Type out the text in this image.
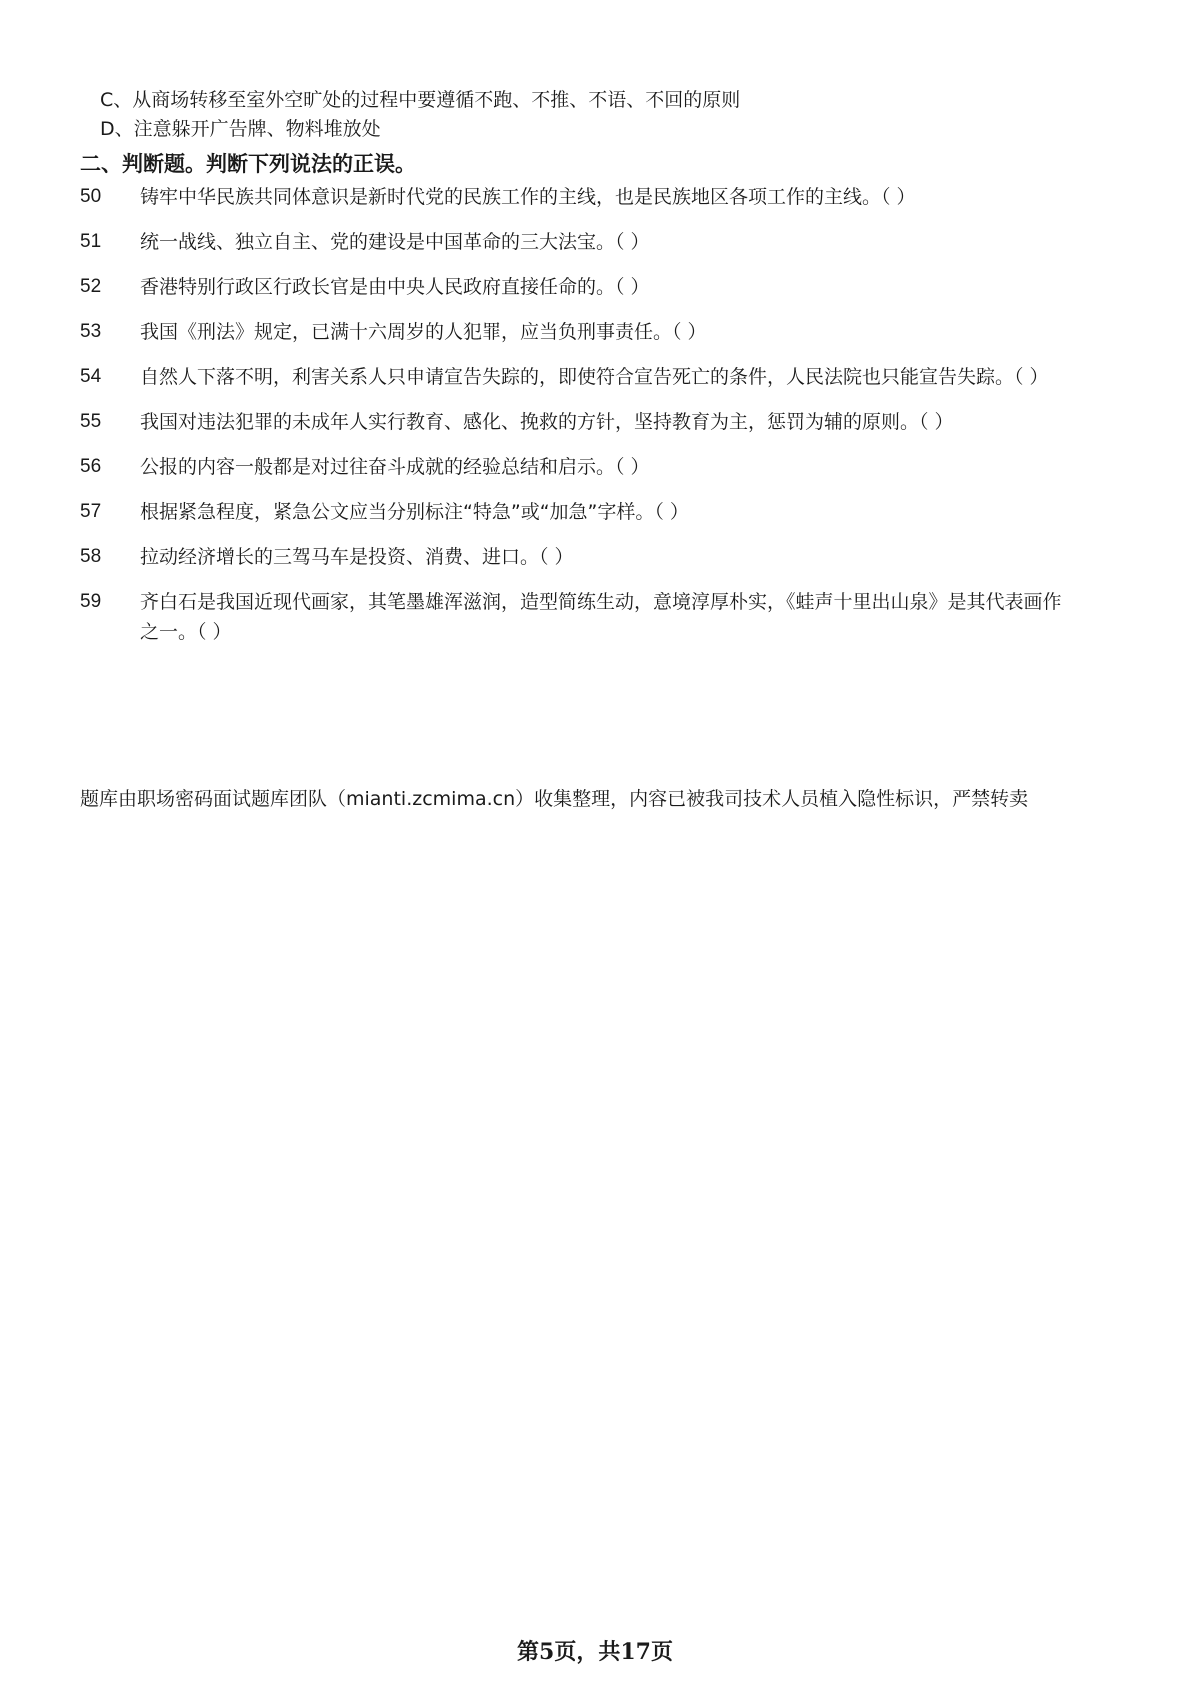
C、从商场转移至室外空旷处的过程中要遵循不跑、不推、不语、不回的原则
D、注意躲开广告牌、物料堆放处
二、判断题。判断下列说法的正误。
50	铸牢中华民族共同体意识是新时代党的民族工作的主线，也是民族地区各项工作的主线。（ ）
51	统一战线、独立自主、党的建设是中国革命的三大法宝。（ ）
52	香港特别行政区行政长官是由中央人民政府直接任命的。（ ）
53	我国《刑法》规定，已满十六周岁的人犯罪，应当负刑事责任。（ ）
54	自然人下落不明，利害关系人只申请宣告失踪的，即使符合宣告死亡的条件，人民法院也只能宣告失踪。（ ）
55	我国对违法犯罪的未成年人实行教育、感化、挽救的方针，坚持教育为主，惩罚为辅的原则。（ ）
56	公报的内容一般都是对过往奋斗成就的经验总结和启示。（ ）
57	根据紧急程度，紧急公文应当分别标注“特急”或“加急”字样。（ ）
58	拉动经济增长的三驾马车是投资、消费、进口。（ ）
59	齐白石是我国近现代画家，其笔墨雄浑滋润，造型简练生动，意境淳厚朴实，《蛙声十里出山泉》是其代表画作之一。（ ）
题库由职场密码面试题库团队（mianti.zcmima.cn）收集整理，内容已被我司技术人员植入隐性标识，严禁转卖
第5页，共17页
